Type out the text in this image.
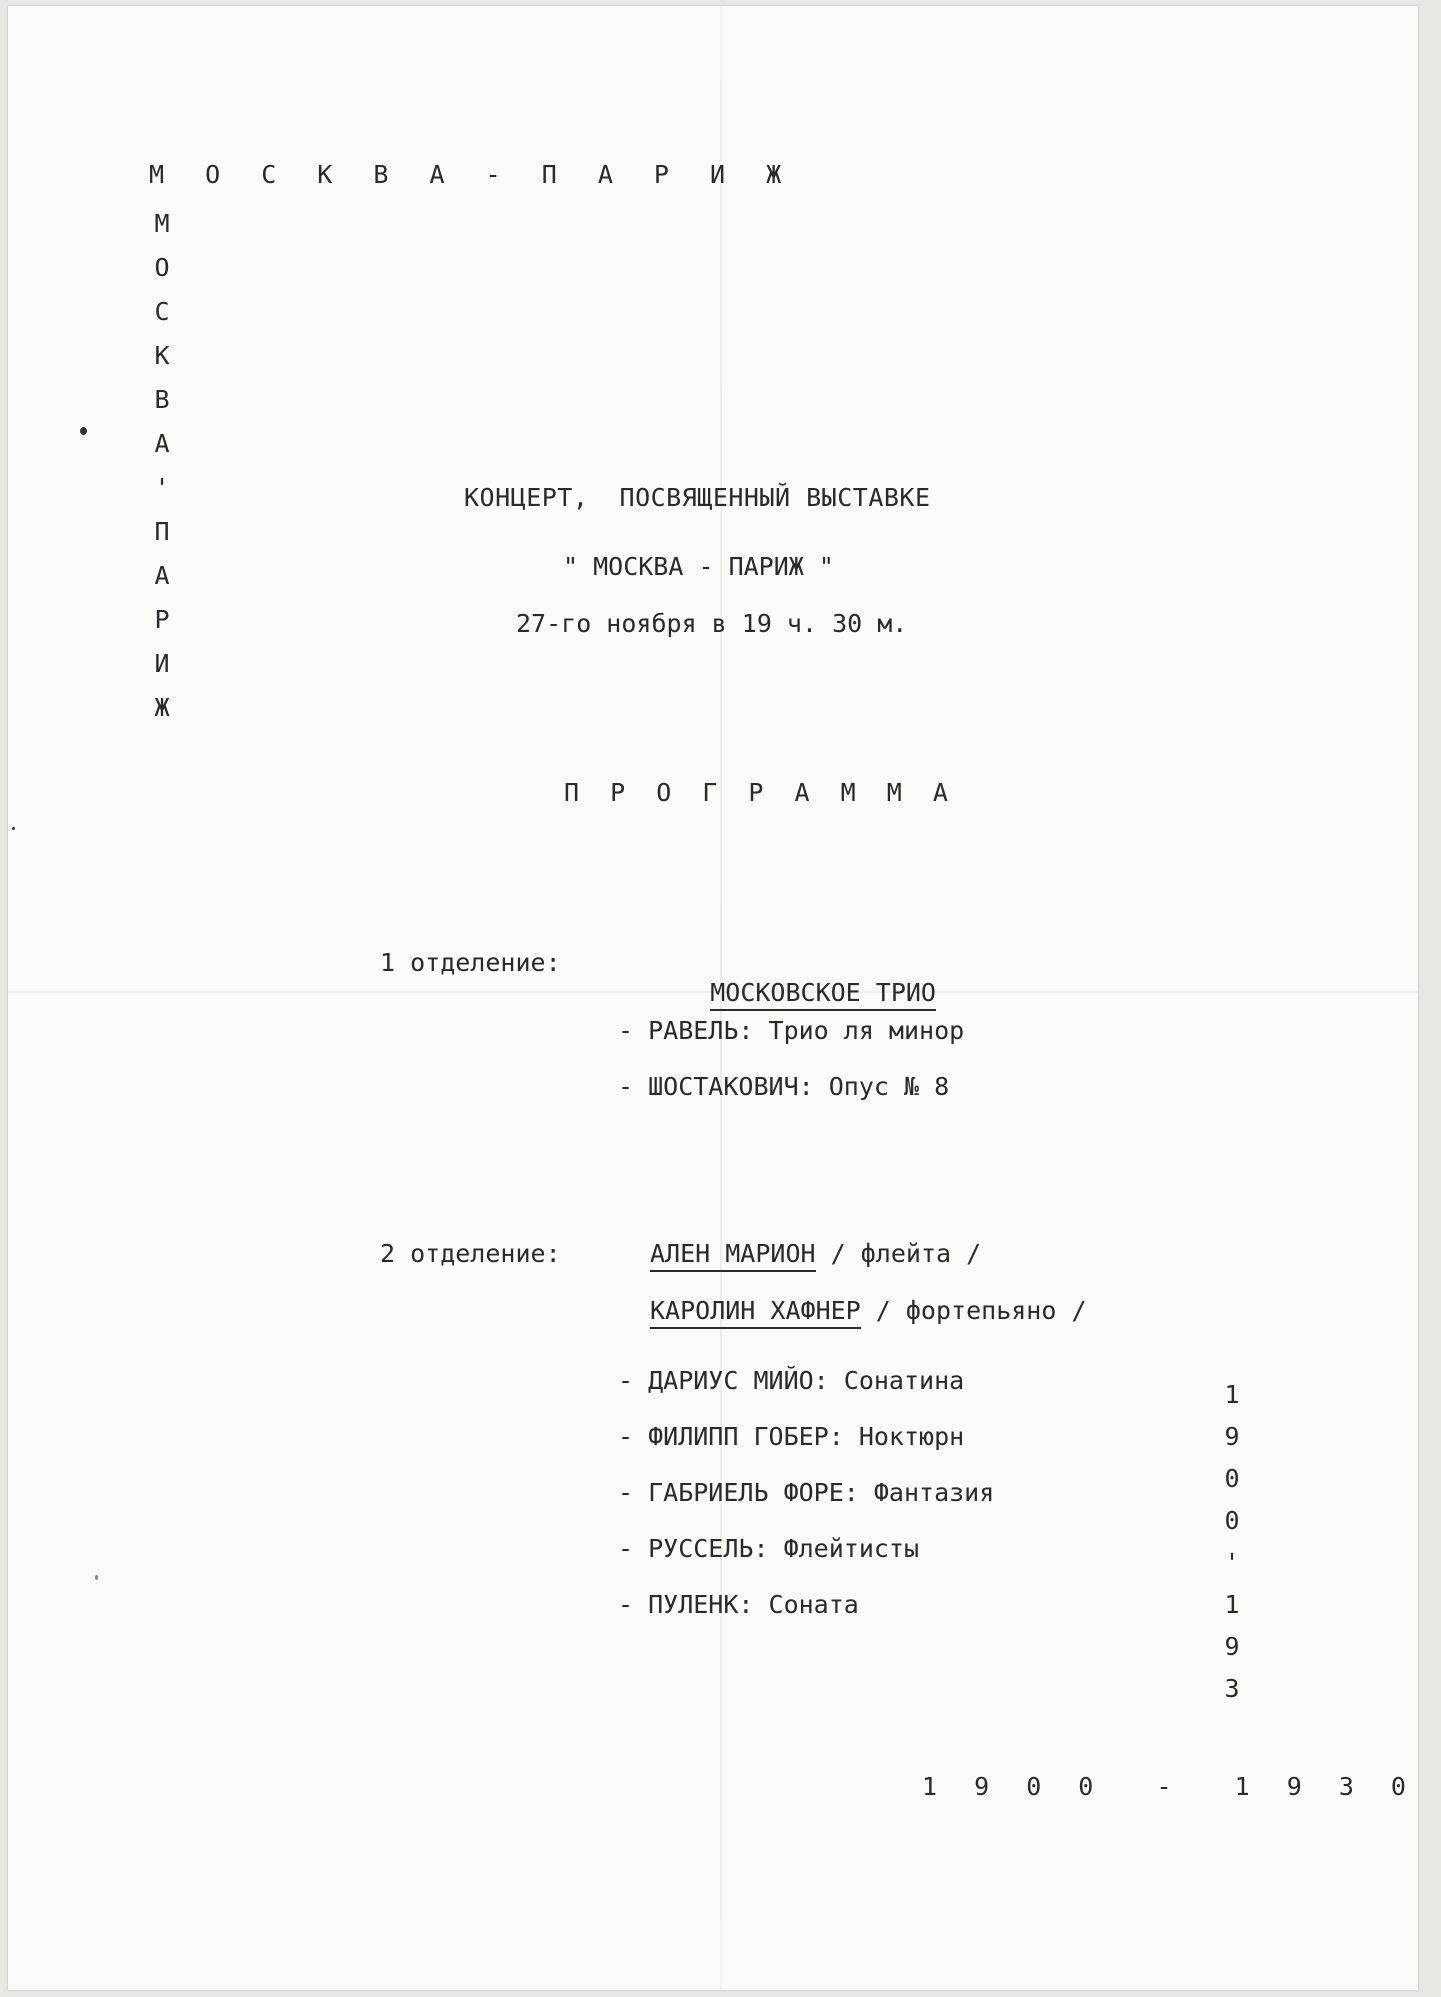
М О С К В А - П А Р И Ж
М
О
С
К
В
А
'
П
А
Р
И
Ж
КОНЦЕРТ,  ПОСВЯЩЕННЫЙ ВЫСТАВКЕ
" МОСКВА - ПАРИЖ "
27-го ноября в 19 ч. 30 м.
П Р О Г Р А М М А
1 отделение:

МОСКОВСКОЕ ТРИО

- РАВЕЛЬ: Трио ля минор
- ШОСТАКОВИЧ: Опус № 8
2 отделение:	АЛЕН МАРИОН / флейта /
КАРОЛИН ХАФНЕР / фортепьяно /
- ДАРИУС МИЙО: Сонатина
- ФИЛИПП ГОБЕР: Ноктюрн
- ГАБРИЕЛЬ ФОРЕ: Фантазия
- РУССЕЛЬ: Флейтисты
- ПУЛЕНК: Соната
1
9
0
0
'
1
9
3
1 9 0 0  -  1 9 3 0
